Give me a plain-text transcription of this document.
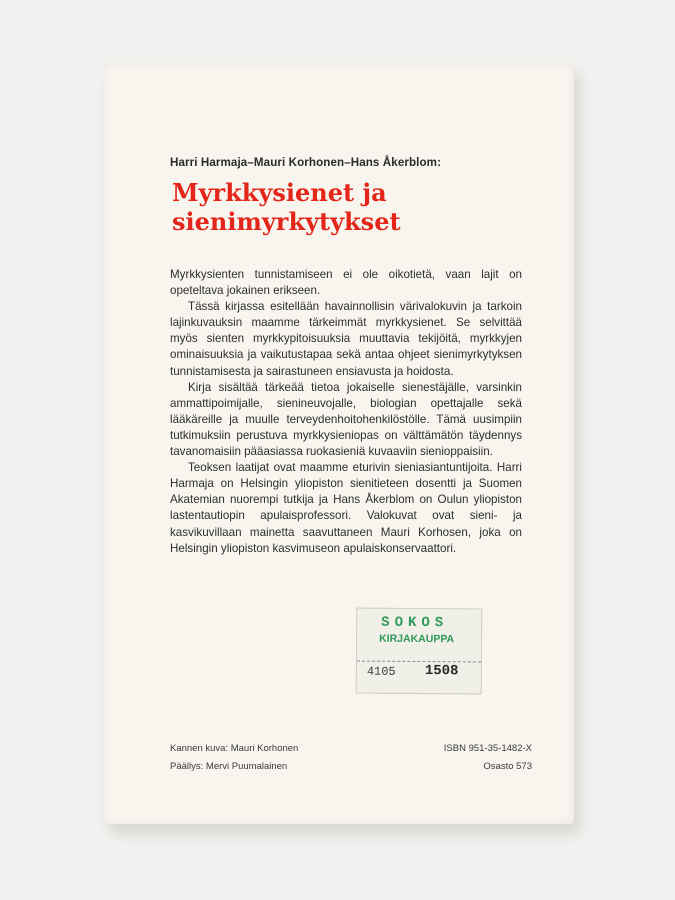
Harri Harmaja–Mauri Korhonen–Hans Åkerblom:
Myrkkysienet ja
sienimyrkytykset

Myrkkysienten tunnistamiseen ei ole oikotietä, vaan lajit on opeteltava jokainen erikseen.

Tässä kirjassa esitellään havainnollisin värivalokuvin ja tarkoin lajinkuvauksin maamme tärkeimmät myrkkysienet. Se selvittää myös sienten myrkkypitoisuuksia muuttavia tekijöitä, myrkkyjen ominaisuuksia ja vaikutustapaa sekä antaa ohjeet sienimyrkytyksen tunnistamisesta ja sairastuneen ensiavusta ja hoidosta.

Kirja sisältää tärkeää tietoa jokaiselle sienestäjälle, varsinkin ammattipoimijalle, sienineuvojalle, biologian opettajalle sekä lääkäreille ja muulle terveydenhoitohenkilöstölle. Tämä uusimpiin tutkimuksiin perustuva myrkkysieniopas on välttämätön täydennys tavanomaisiin pääasiassa ruokasieniä kuvaaviin sienioppaisiin.

Teoksen laatijat ovat maamme eturivin sieniasiantuntijoita. Harri Harmaja on Helsingin yliopiston sienitieteen dosentti ja Suomen Akatemian nuorempi tutkija ja Hans Åkerblom on Oulun yliopiston lastentautiopin apulaisprofessori. Valokuvat ovat sieni- ja kasvikuvillaan mainetta saavuttaneen Mauri Korhosen, joka on Helsingin yliopiston kasvimuseon apulaiskonservaattori.

SOKOS
KIRJAKAUPPA
4105 1508
Kannen kuva: Mauri Korhonen
Päällys: Mervi Puumalainen
ISBN 951-35-1482-X
Osasto 573
